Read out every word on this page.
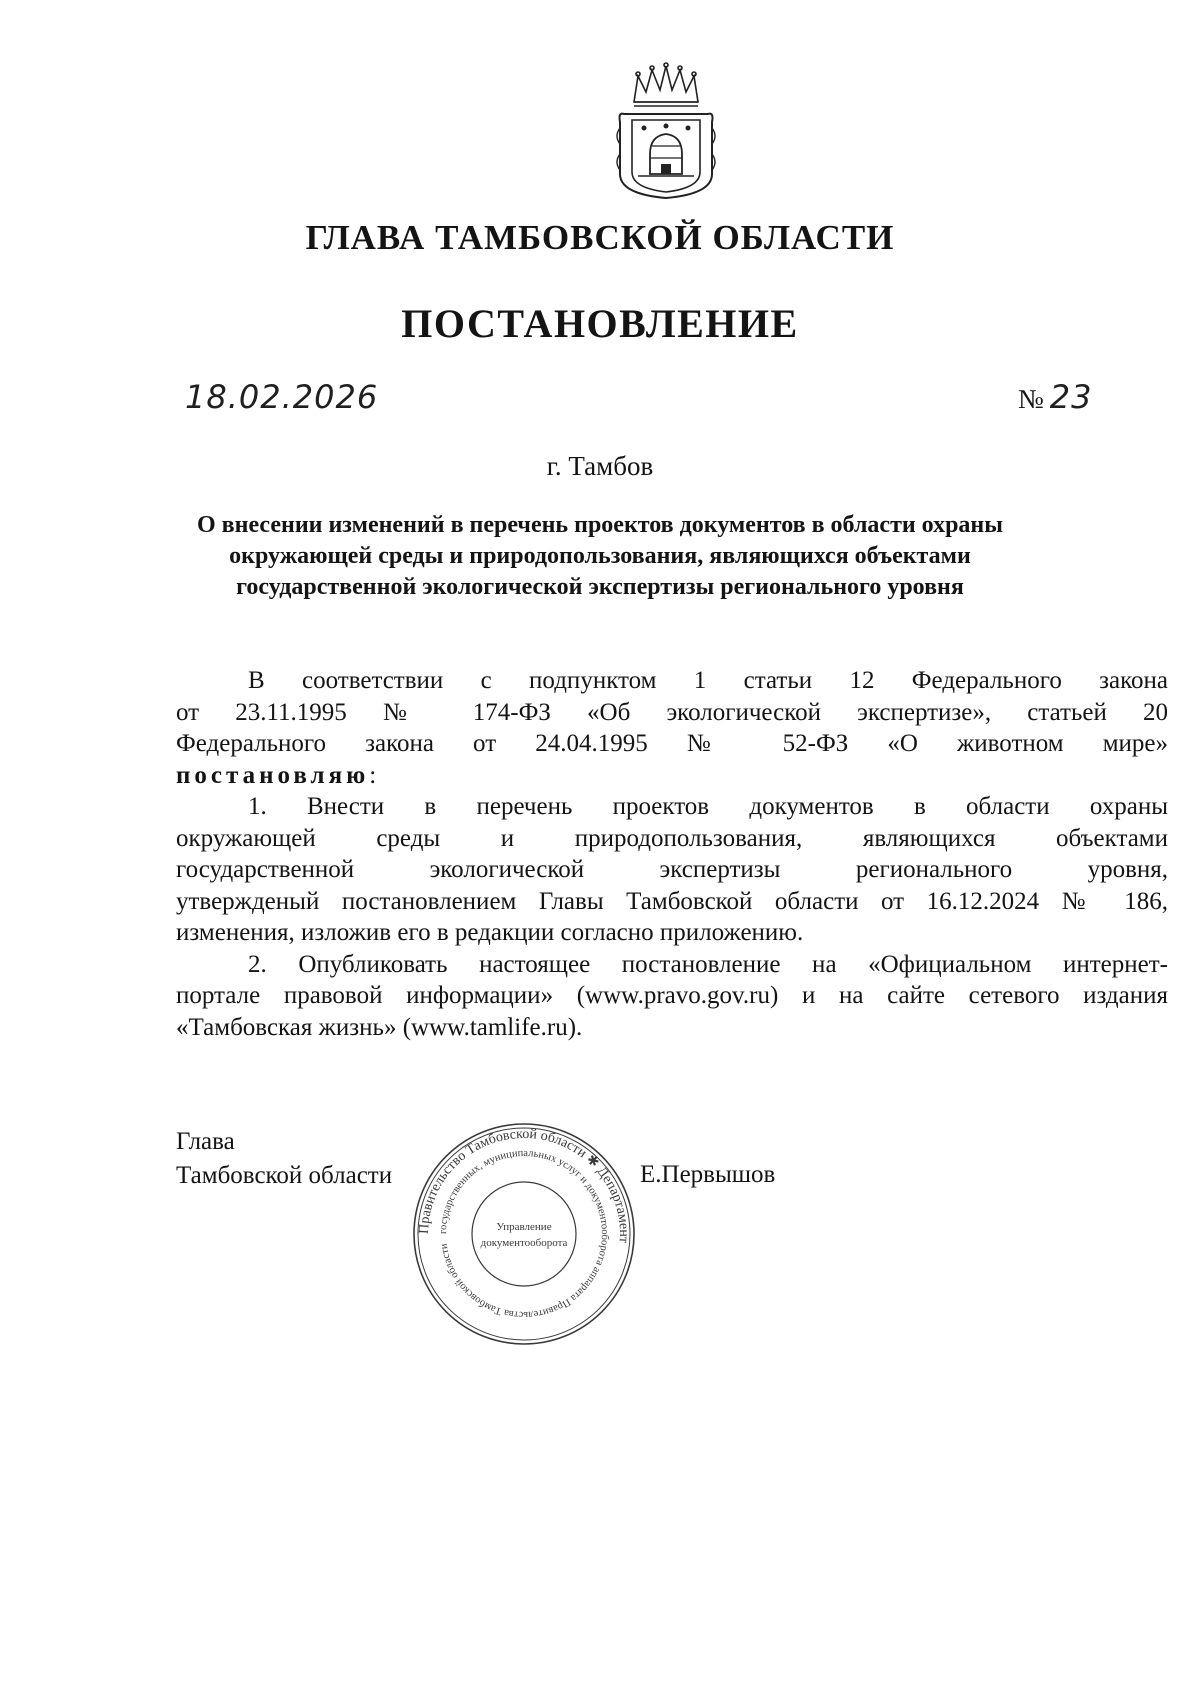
ГЛАВА ТАМБОВСКОЙ ОБЛАСТИ
ПОСТАНОВЛЕНИЕ
18.02.2026	№ 23
г. Тамбов
О внесении изменений в перечень проектов документов в области охраны
окружающей среды и природопользования, являющихся объектами
государственной экологической экспертизы регионального уровня
В соответствии с подпунктом 1 статьи 12 Федерального закона
от 23.11.1995 № 174-ФЗ «Об экологической экспертизе», статьей 20
Федерального закона от 24.04.1995 № 52-ФЗ «О животном мире»
постановляю:
1. Внести в перечень проектов документов в области охраны
окружающей среды и природопользования, являющихся объектами
государственной экологической экспертизы регионального уровня,
утвержденый постановлением Главы Тамбовской области от 16.12.2024 № 186,
изменения, изложив его в редакции согласно приложению.
2. Опубликовать настоящее постановление на «Официальном интернет-
портале правовой информации» (www.pravo.gov.ru) и на сайте сетевого издания
«Тамбовская жизнь» (www.tamlife.ru).
Глава
Тамбовской области	Е.Первышов
Правительство Тамбовской области ✱ Департамент
государственных, муниципальных услуг и документооборота аппарата Правительства Тамбовской области
Управление
документооборота
